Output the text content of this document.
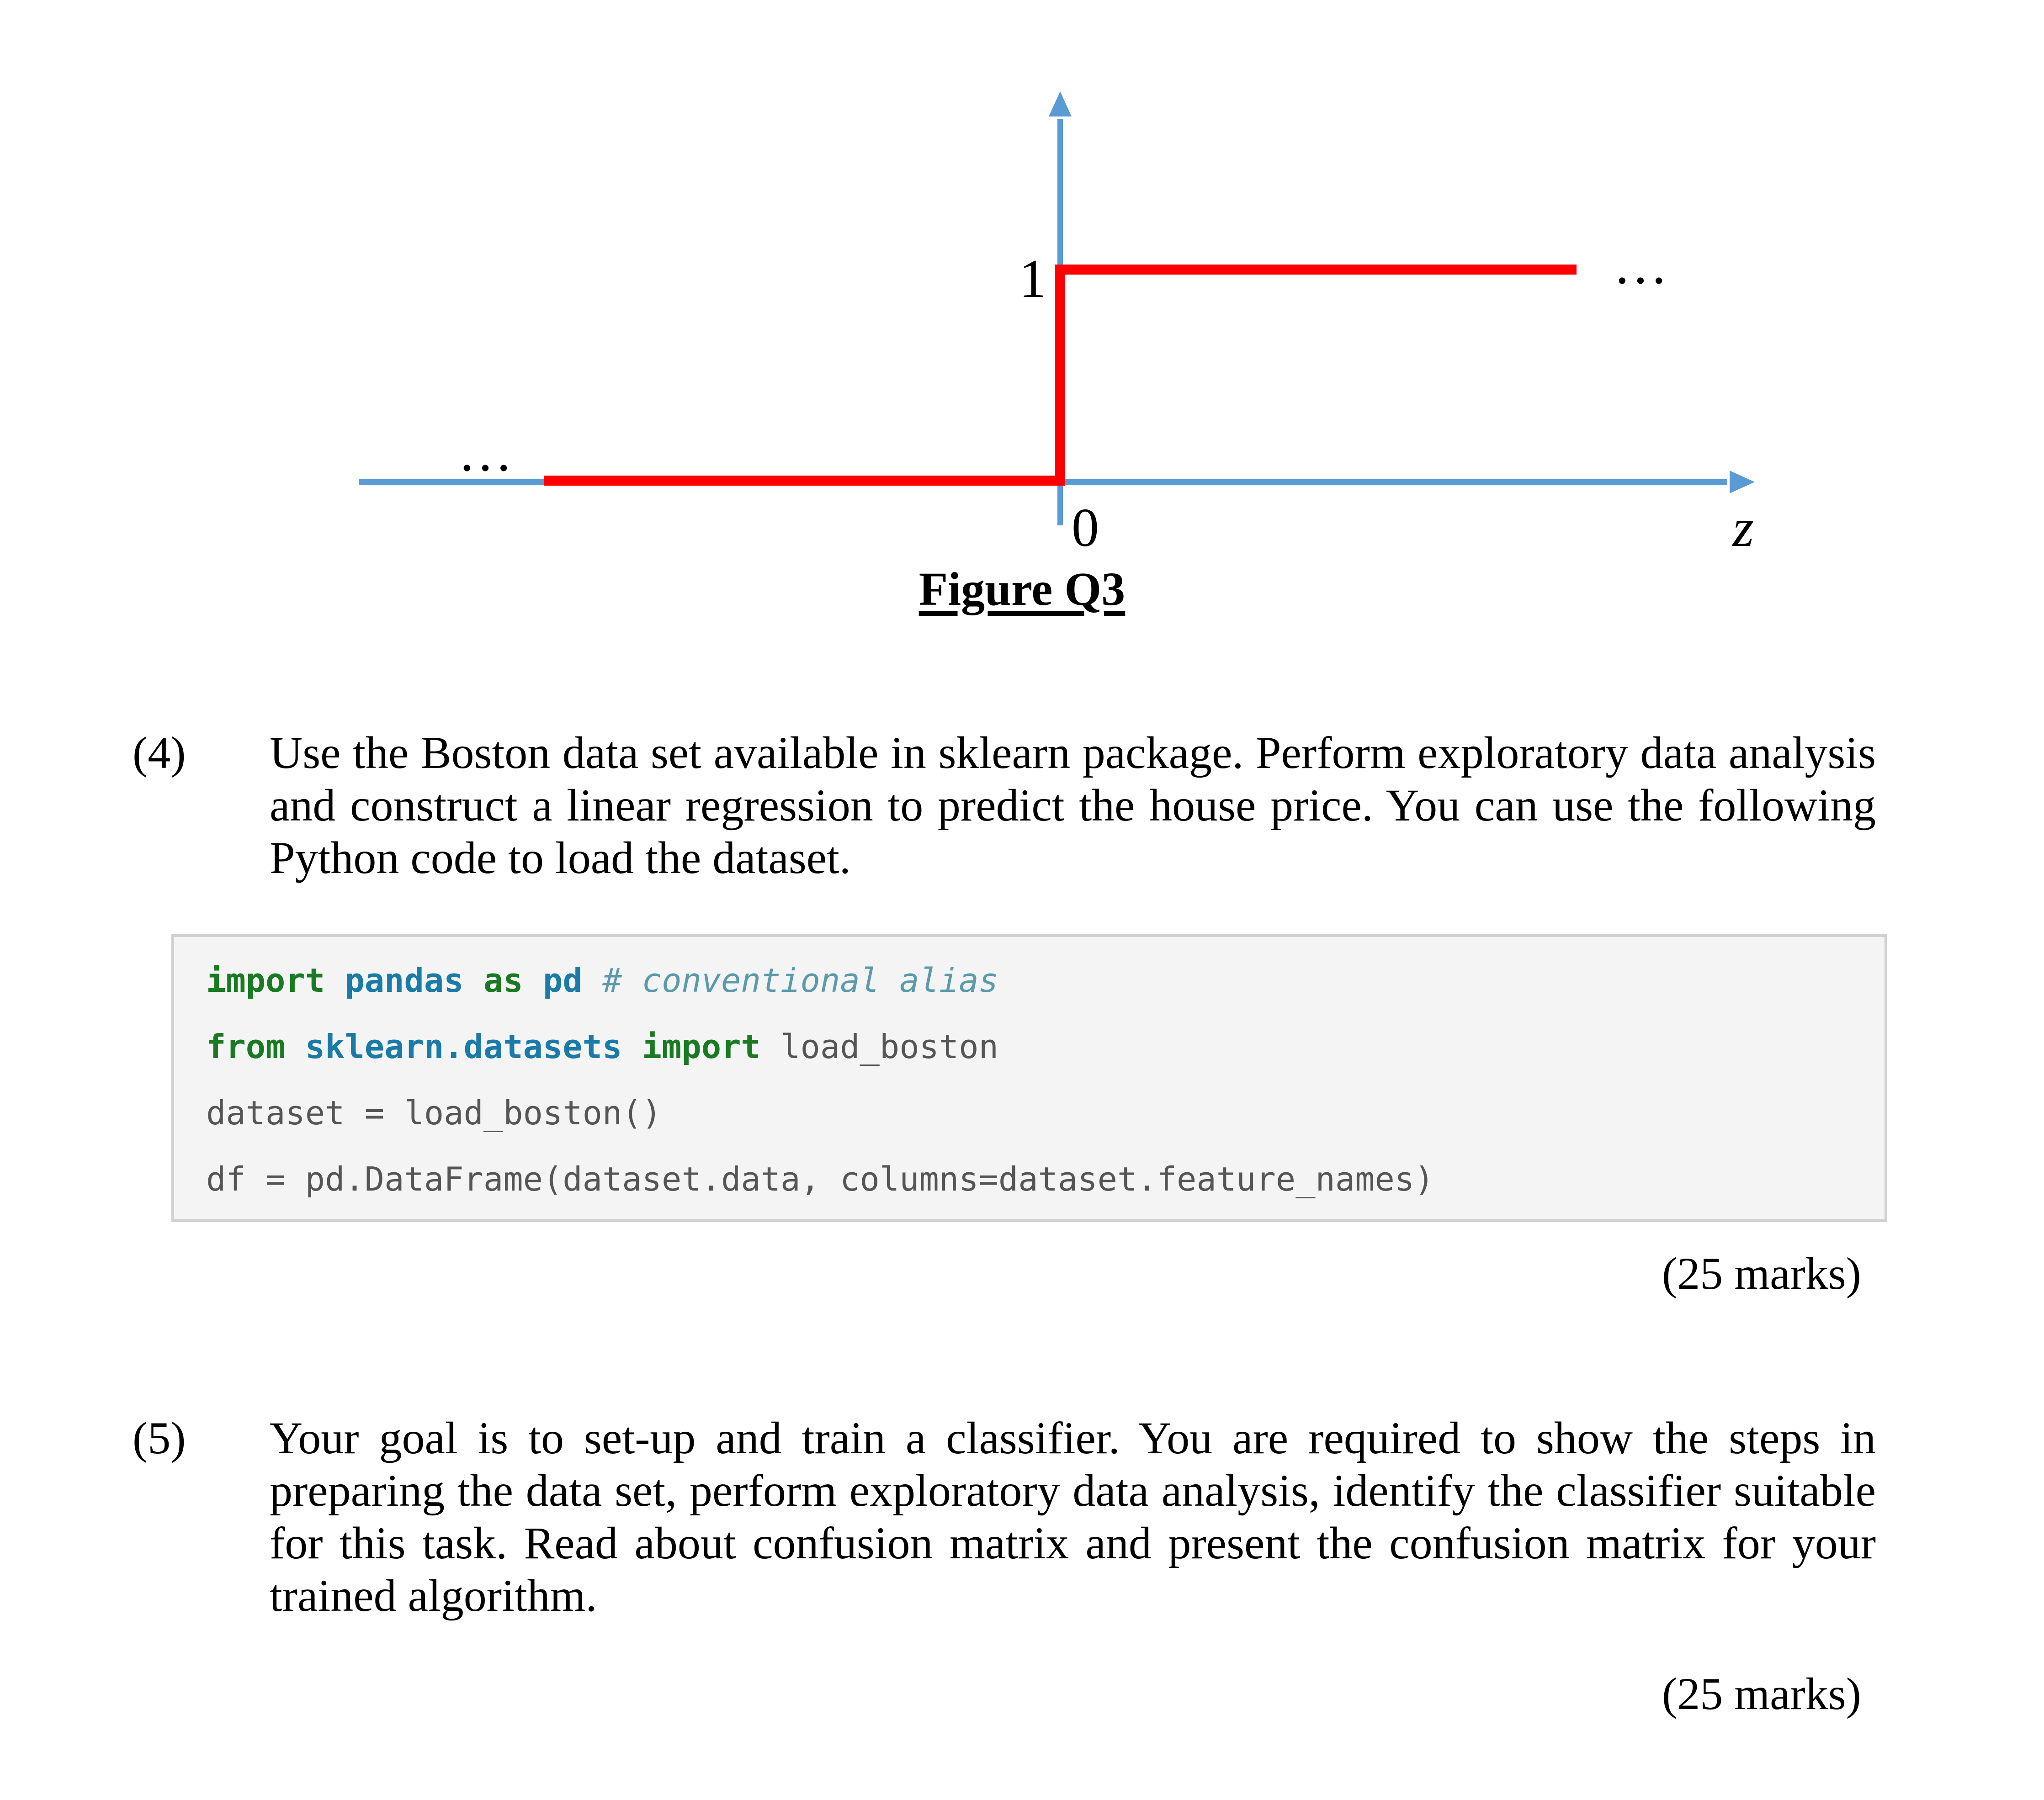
1
0	z
…
…
Figure Q3
(4) Use the Boston data set available in sklearn package. Perform exploratory data analysis and construct a linear regression to predict the house price. You can use the following Python code to load the dataset.
import pandas as pd # conventional alias
from sklearn.datasets import load_boston
dataset = load_boston()
df = pd.DataFrame(dataset.data, columns=dataset.feature_names)
(25 marks)
(5) Your goal is to set-up and train a classifier. You are required to show the steps in preparing the data set, perform exploratory data analysis, identify the classifier suitable for this task. Read about confusion matrix and present the confusion matrix for your trained algorithm.
(25 marks)
